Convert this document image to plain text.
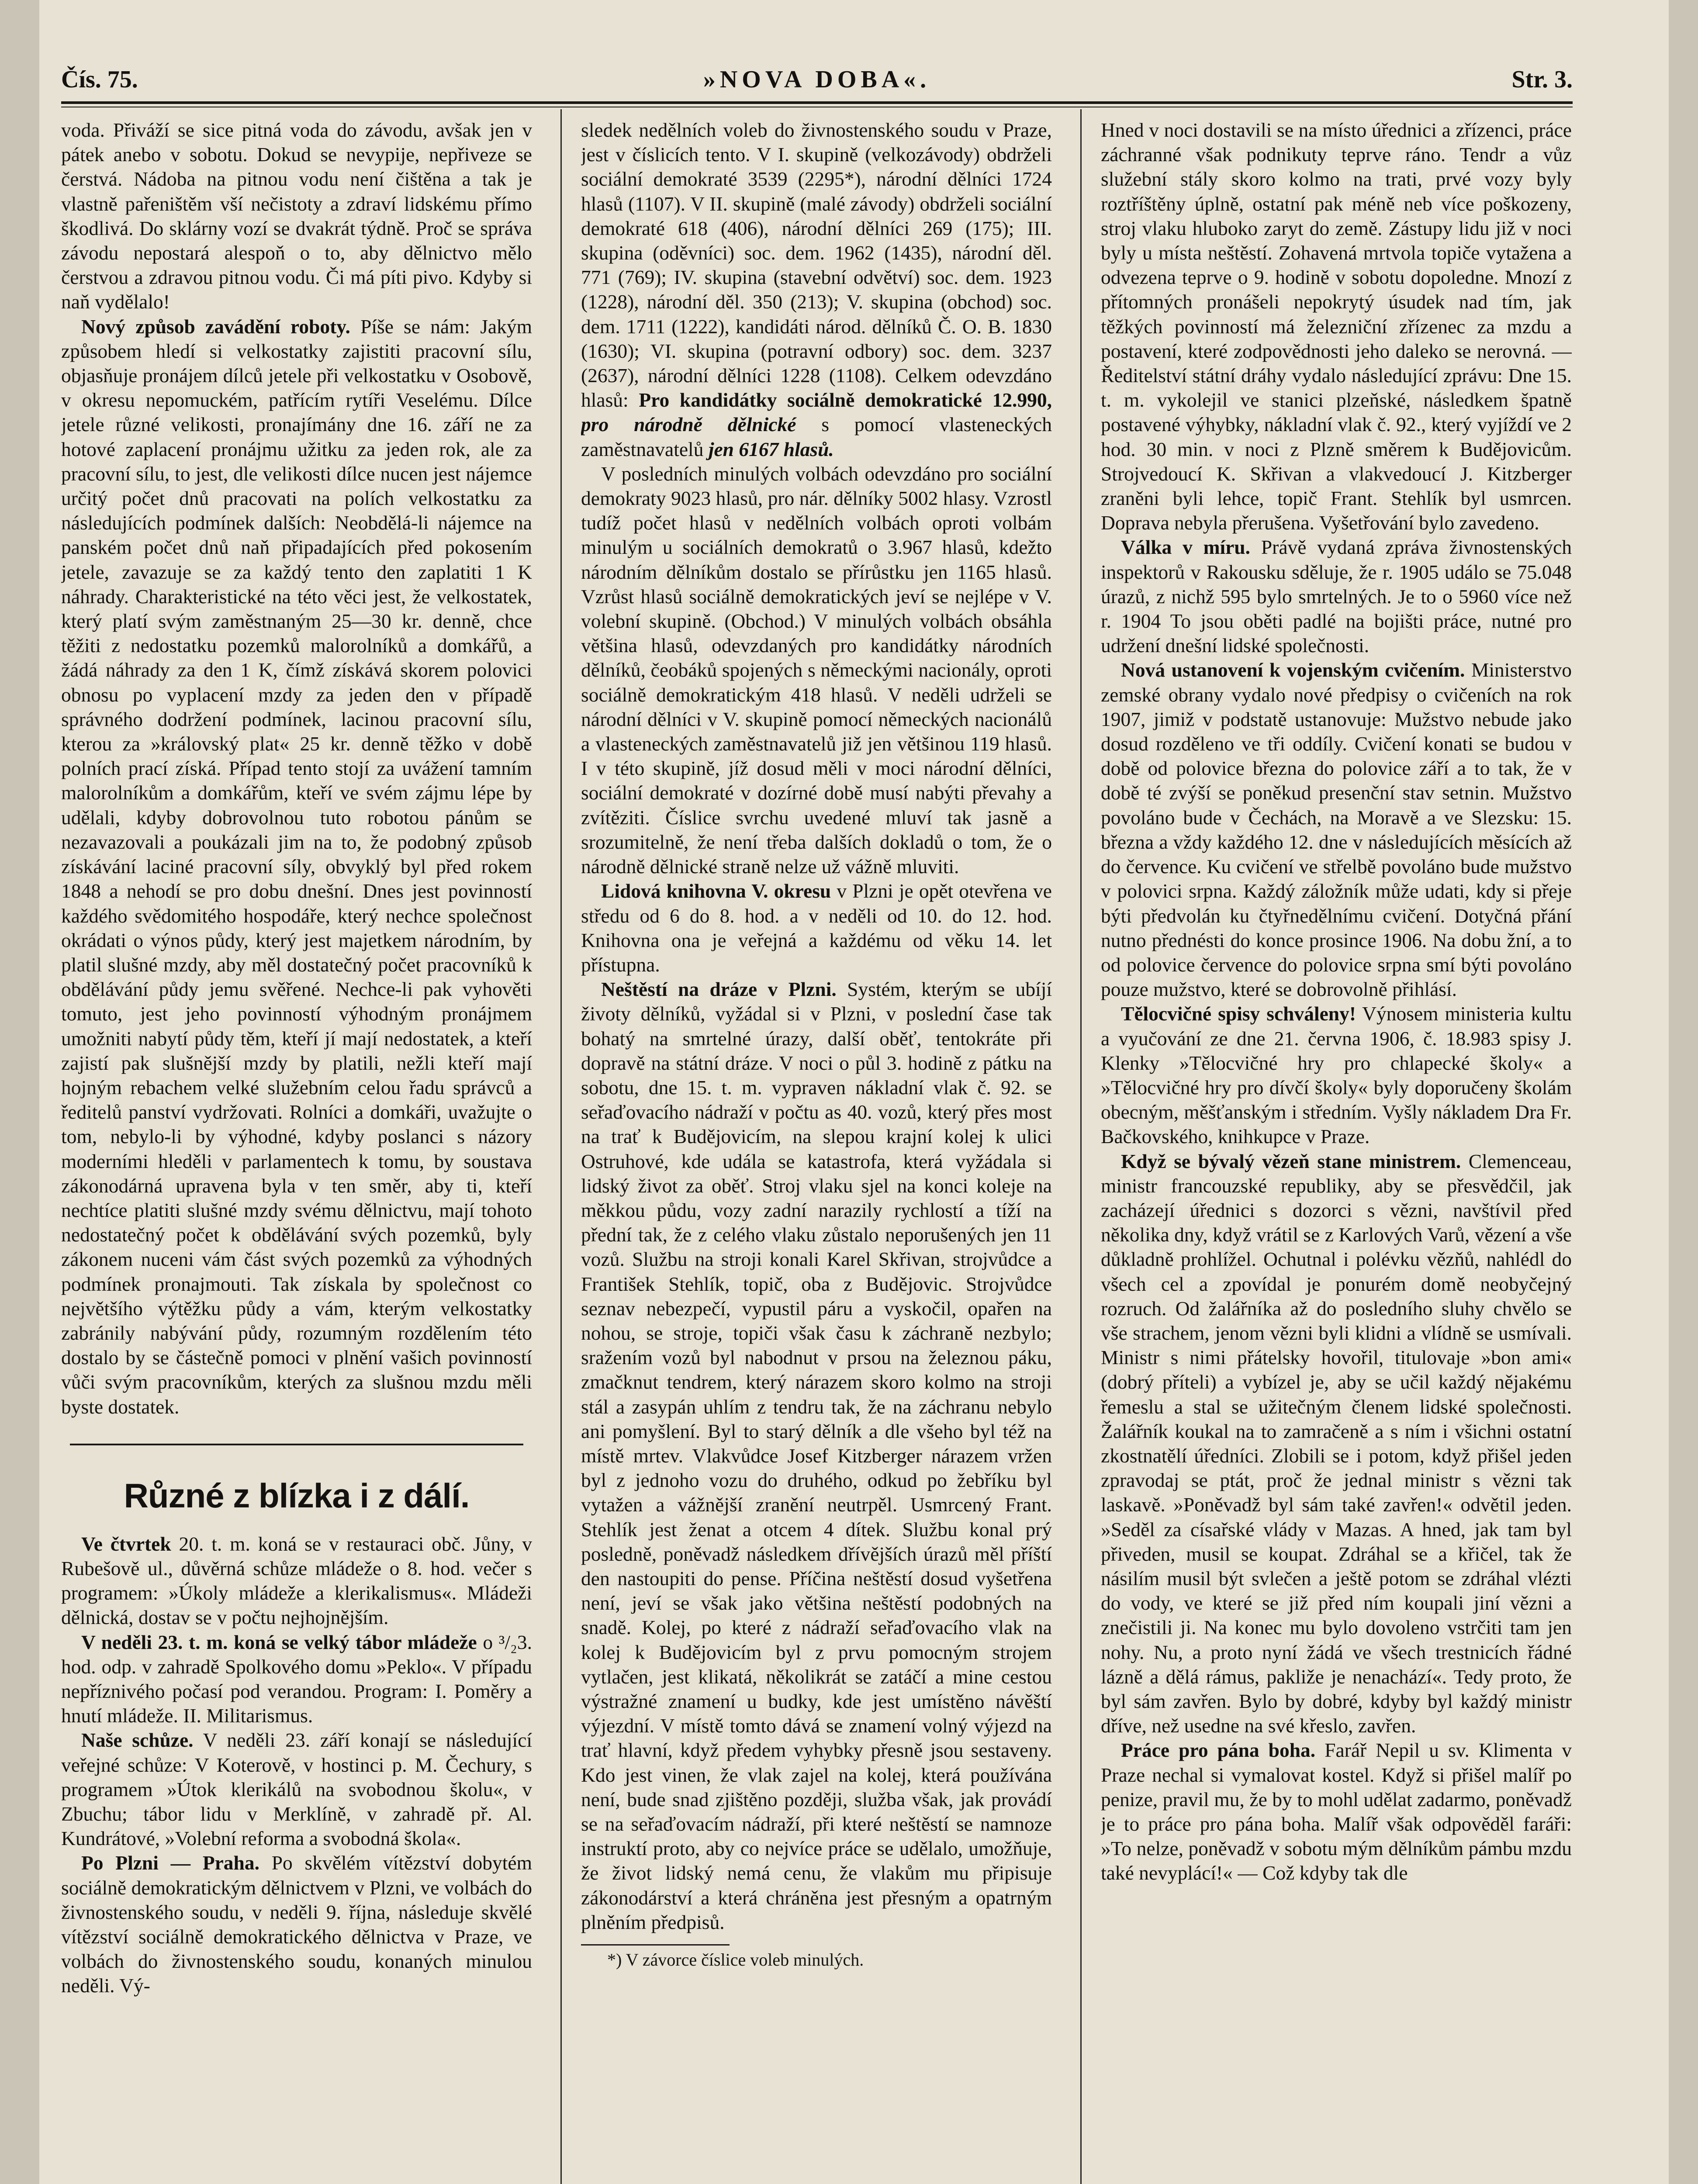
Čís. 75.	»NOVA DOBA«.	Str. 3.

voda. Přiváží se sice pitná voda do závodu, avšak jen v pátek anebo v sobotu. Dokud se nevypije, nepřiveze se čerstvá. Nádoba na pitnou vodu není čištěna a tak je vlastně pařeništěm vší nečistoty a zdraví lidskému přímo škodlivá. Do sklárny vozí se dvakrát týdně. Proč se správa závodu nepostará alespoň o to, aby dělnictvo mělo čerstvou a zdravou pitnou vodu. Či má píti pivo. Kdyby si naň vydělalo!

Nový způsob zavádění roboty. Píše se nám: Jakým způsobem hledí si velkostatky zajistiti pracovní sílu, objasňuje pronájem dílců jetele při velkostatku v Osobově, v okresu nepomuckém, patřícím rytíři Veselému. Dílce jetele různé velikosti, pronajímány dne 16. září ne za hotové zaplacení pronájmu užitku za jeden rok, ale za pracovní sílu, to jest, dle velikosti dílce nucen jest nájemce určitý počet dnů pracovati na polích velkostatku za následujících podmínek dalších: Neobdělá-li nájemce na panském počet dnů naň připadajících před pokosením jetele, zavazuje se za každý tento den zaplatiti 1 K náhrady. Charakteristické na této věci jest, že velkostatek, který platí svým zaměstnaným 25—30 kr. denně, chce těžiti z nedostatku pozemků malorolníků a domkářů, a žádá náhrady za den 1 K, čímž získává skorem polovici obnosu po vyplacení mzdy za jeden den v případě správného dodržení podmínek, lacinou pracovní sílu, kterou za »královský plat« 25 kr. denně těžko v době polních prací získá. Případ tento stojí za uvážení tamním malorolníkům a domkářům, kteří ve svém zájmu lépe by udělali, kdyby dobrovolnou tuto robotou pánům se nezavazovali a poukázali jim na to, že podobný způsob získávání laciné pracovní síly, obvyklý byl před rokem 1848 a nehodí se pro dobu dnešní. Dnes jest povinností každého svědomitého hospodáře, který nechce společnost okrádati o výnos půdy, který jest majetkem národním, by platil slušné mzdy, aby měl dostatečný počet pracovníků k obdělávání půdy jemu svěřené. Nechce-li pak vyhověti tomuto, jest jeho povinností výhodným pronájmem umožniti nabytí půdy těm, kteří jí mají nedostatek, a kteří zajistí pak slušnější mzdy by platili, nežli kteří mají hojným rebachem velké služebním celou řadu správců a ředitelů panství vydržovati. Rolníci a domkáři, uvažujte o tom, nebylo-li by výhodné, kdyby poslanci s názory moderními hleděli v parlamentech k tomu, by soustava zákonodárná upravena byla v ten směr, aby ti, kteří nechtíce platiti slušné mzdy svému dělnictvu, mají tohoto nedostatečný počet k obdělávání svých pozemků, byly zákonem nuceni vám část svých pozemků za výhodných podmínek pronajmouti. Tak získala by společnost co největšího výtěžku půdy a vám, kterým velkostatky zabránily nabývání půdy, rozumným rozdělením této dostalo by se částečně pomoci v plnění vašich povinností vůči svým pracovníkům, kterých za slušnou mzdu měli byste dostatek.

Různé z blízka i z dálí.

Ve čtvrtek 20. t. m. koná se v restauraci obč. Jůny, v Rubešově ul., důvěrná schůze mládeže o 8. hod. večer s programem: »Úkoly mládeže a klerikalismus«. Mládeži dělnická, dostav se v počtu nejhojnějším.

V neděli 23. t. m. koná se velký tábor mládeže o ³/₂3. hod. odp. v zahradě Spolkového domu »Peklo«. V případu nepříznivého počasí pod verandou. Program: I. Poměry a hnutí mládeže. II. Militarismus.

Naše schůze. V neděli 23. září konají se následující veřejné schůze: V Koterově, v hostinci p. M. Čechury, s programem »Útok klerikálů na svobodnou školu«, v Zbuchu; tábor lidu v Merklíně, v zahradě př. Al. Kundrátové, »Volební reforma a svobodná škola«.

Po Plzni — Praha. Po skvělém vítězství dobytém sociálně demokratickým dělnictvem v Plzni, ve volbách do živnostenského soudu, v neděli 9. října, následuje skvělé vítězství sociálně demokratického dělnictva v Praze, ve volbách do živnostenského soudu, konaných minulou neděli. Vý-

sledek nedělních voleb do živnostenského soudu v Praze, jest v číslicích tento. V I. skupině (velkozávody) obdrželi sociální demokraté 3539 (2295*), národní dělníci 1724 hlasů (1107). V II. skupině (malé závody) obdrželi sociální demokraté 618 (406), národní dělníci 269 (175); III. skupina (oděvníci) soc. dem. 1962 (1435), národní děl. 771 (769); IV. skupina (stavební odvětví) soc. dem. 1923 (1228), národní děl. 350 (213); V. skupina (obchod) soc. dem. 1711 (1222), kandidáti národ. dělníků Č. O. B. 1830 (1630); VI. skupina (potravní odbory) soc. dem. 3237 (2637), národní dělníci 1228 (1108). Celkem odevzdáno hlasů: Pro kandidátky sociálně demokratické 12.990, pro národně dělnické s pomocí vlasteneckých zaměstnavatelů jen 6167 hlasů.

V posledních minulých volbách odevzdáno pro sociální demokraty 9023 hlasů, pro nár. dělníky 5002 hlasy. Vzrostl tudíž počet hlasů v nedělních volbách oproti volbám minulým u sociálních demokratů o 3.967 hlasů, kdežto národním dělníkům dostalo se přírůstku jen 1165 hlasů. Vzrůst hlasů sociálně demokratických jeví se nejlépe v V. volební skupině. (Obchod.) V minulých volbách obsáhla většina hlasů, odevzdaných pro kandidátky národních dělníků, čeobáků spojených s německými nacionály, oproti sociálně demokratickým 418 hlasů. V neděli udrželi se národní dělníci v V. skupině pomocí německých nacionálů a vlasteneckých zaměstnavatelů již jen většinou 119 hlasů. I v této skupině, jíž dosud měli v moci národní dělníci, sociální demokraté v dozírné době musí nabýti převahy a zvítěziti. Číslice svrchu uvedené mluví tak jasně a srozumitelně, že není třeba dalších dokladů o tom, že o národně dělnické straně nelze už vážně mluviti.

Lidová knihovna V. okresu v Plzni je opět otevřena ve středu od 6 do 8. hod. a v neděli od 10. do 12. hod. Knihovna ona je veřejná a každému od věku 14. let přístupna.

Neštěstí na dráze v Plzni. Systém, kterým se ubíjí životy dělníků, vyžádal si v Plzni, v poslední čase tak bohatý na smrtelné úrazy, další oběť, tentokráte při dopravě na státní dráze. V noci o půl 3. hodině z pátku na sobotu, dne 15. t. m. vypraven nákladní vlak č. 92. se seřaďovacího nádraží v počtu as 40. vozů, který přes most na trať k Budějovicím, na slepou krajní kolej k ulici Ostruhové, kde udála se katastrofa, která vyžádala si lidský život za oběť. Stroj vlaku sjel na konci koleje na měkkou půdu, vozy zadní narazily rychlostí a tíží na přední tak, že z celého vlaku zůstalo neporušených jen 11 vozů. Službu na stroji konali Karel Skřivan, strojvůdce a František Stehlík, topič, oba z Budějovic. Strojvůdce seznav nebezpečí, vypustil páru a vyskočil, opařen na nohou, se stroje, topiči však času k záchraně nezbylo; sražením vozů byl nabodnut v prsou na železnou páku, zmačknut tendrem, který nárazem skoro kolmo na stroji stál a zasypán uhlím z tendru tak, že na záchranu nebylo ani pomyšlení. Byl to starý dělník a dle všeho byl též na místě mrtev. Vlakvůdce Josef Kitzberger nárazem vržen byl z jednoho vozu do druhého, odkud po žebříku byl vytažen a vážnější zranění neutrpěl. Usmrcený Frant. Stehlík jest ženat a otcem 4 dítek. Službu konal prý posledně, poněvadž následkem dřívějších úrazů měl příští den nastoupiti do pense. Příčina neštěstí dosud vyšetřena není, jeví se však jako většina neštěstí podobných na snadě. Kolej, po které z nádraží seřaďovacího vlak na kolej k Budějovicím byl z prvu pomocným strojem vytlačen, jest klikatá, několikrát se zatáčí a mine cestou výstražné znamení u budky, kde jest umístěno návěští výjezdní. V místě tomto dává se znamení volný výjezd na trať hlavní, když předem vyhybky přesně jsou sestaveny. Kdo jest vinen, že vlak zajel na kolej, která používána není, bude snad zjištěno později, služba však, jak provádí se na seřaďovacím nádraží, při které neštěstí se namnoze instruktí proto, aby co nejvíce práce se udělalo, umožňuje, že život lidský nemá cenu, že vlakům mu připisuje zákonodárství a která chráněna jest přesným a opatrným plněním předpisů.

*) V závorce číslice voleb minulých.

Hned v noci dostavili se na místo úřednici a zřízenci, práce záchranné však podnikuty teprve ráno. Tendr a vůz služební stály skoro kolmo na trati, prvé vozy byly roztříštěny úplně, ostatní pak méně neb více poškozeny, stroj vlaku hluboko zaryt do země. Zástupy lidu již v noci byly u místa neštěstí. Zohavená mrtvola topiče vytažena a odvezena teprve o 9. hodině v sobotu dopoledne. Mnozí z přítomných pronášeli nepokrytý úsudek nad tím, jak těžkých povinností má železniční zřízenec za mzdu a postavení, které zodpovědnosti jeho daleko se nerovná. — Ředitelství státní dráhy vydalo následující zprávu: Dne 15. t. m. vykolejil ve stanici plzeňské, následkem špatně postavené výhybky, nákladní vlak č. 92., který vyjíždí ve 2 hod. 30 min. v noci z Plzně směrem k Budějovicům. Strojvedoucí K. Skřivan a vlakvedoucí J. Kitzberger zraněni byli lehce, topič Frant. Stehlík byl usmrcen. Doprava nebyla přerušena. Vyšetřování bylo zavedeno.

Válka v míru. Právě vydaná zpráva živnostenských inspektorů v Rakousku sděluje, že r. 1905 událo se 75.048 úrazů, z nichž 595 bylo smrtelných. Je to o 5960 více než r. 1904 To jsou oběti padlé na bojišti práce, nutné pro udržení dnešní lidské společnosti.

Nová ustanovení k vojenským cvičením. Ministerstvo zemské obrany vydalo nové předpisy o cvičeních na rok 1907, jimiž v podstatě ustanovuje: Mužstvo nebude jako dosud rozděleno ve tři oddíly. Cvičení konati se budou v době od polovice března do polovice září a to tak, že v době té zvýší se poněkud presenční stav setnin. Mužstvo povoláno bude v Čechách, na Moravě a ve Slezsku: 15. března a vždy každého 12. dne v následujících měsících až do července. Ku cvičení ve střelbě povoláno bude mužstvo v polovici srpna. Každý záložník může udati, kdy si přeje býti předvolán ku čtyřnedělnímu cvičení. Dotyčná přání nutno přednésti do konce prosince 1906. Na dobu žní, a to od polovice července do polovice srpna smí býti povoláno pouze mužstvo, které se dobrovolně přihlásí.

Tělocvičné spisy schváleny! Výnosem ministeria kultu a vyučování ze dne 21. června 1906, č. 18.983 spisy J. Klenky »Tělocvičné hry pro chlapecké školy« a »Tělocvičné hry pro dívčí školy« byly doporučeny školám obecným, měšťanským i středním. Vyšly nákladem Dra Fr. Bačkovského, knihkupce v Praze.

Když se bývalý vězeň stane ministrem. Clemenceau, ministr francouzské republiky, aby se přesvědčil, jak zacházejí úřednici s dozorci s vězni, navštívil před několika dny, když vrátil se z Karlových Varů, vězení a vše důkladně prohlížel. Ochutnal i polévku vězňů, nahlédl do všech cel a zpovídal je ponurém domě neobyčejný rozruch. Od žalářníka až do posledního sluhy chvělo se vše strachem, jenom vězni byli klidni a vlídně se usmívali. Ministr s nimi přátelsky hovořil, titulovaje »bon ami« (dobrý příteli) a vybízel je, aby se učil každý nějakému řemeslu a stal se užitečným členem lidské společnosti. Žalářník koukal na to zamračeně a s ním i všichni ostatní zkostnatělí úředníci. Zlobili se i potom, když přišel jeden zpravodaj se ptát, proč že jednal ministr s vězni tak laskavě. »Poněvadž byl sám také zavřen!« odvětil jeden. »Seděl za císařské vlády v Mazas. A hned, jak tam byl přiveden, musil se koupat. Zdráhal se a křičel, tak že násilím musil být svlečen a ještě potom se zdráhal vlézti do vody, ve které se již před ním koupali jiní vězni a znečistili ji. Na konec mu bylo dovoleno vstrčiti tam jen nohy. Nu, a proto nyní žádá ve všech trestnicích řádné lázně a dělá rámus, pakliže je nenachází«. Tedy proto, že byl sám zavřen. Bylo by dobré, kdyby byl každý ministr dříve, než usedne na své křeslo, zavřen.

Práce pro pána boha. Farář Nepil u sv. Klimenta v Praze nechal si vymalovat kostel. Když si přišel malíř po penize, pravil mu, že by to mohl udělat zadarmo, poněvadž je to práce pro pána boha. Malíř však odpověděl faráři: »To nelze, poněvadž v sobotu mým dělníkům pámbu mzdu také nevyplácí!« — Což kdyby tak dle
